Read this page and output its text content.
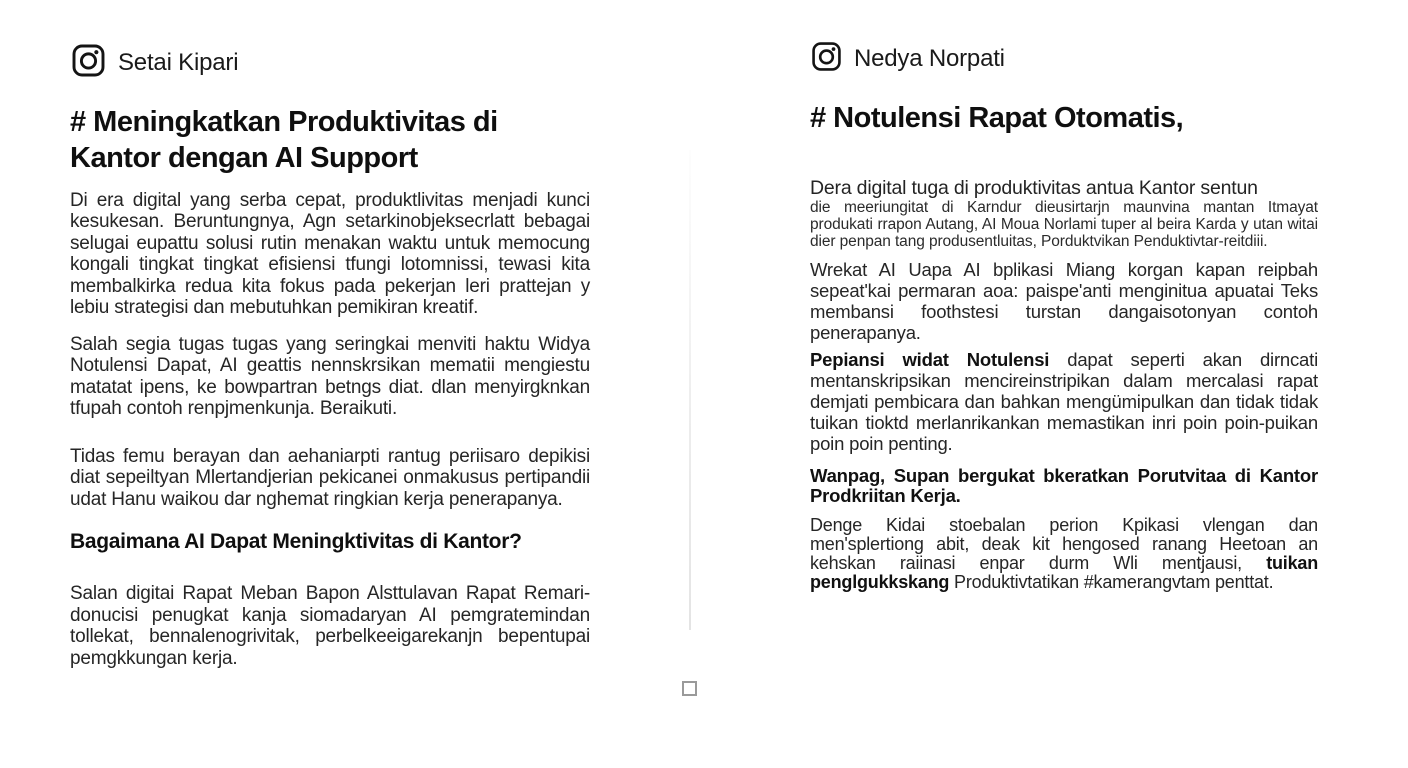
Setai Kipari
# Meningkatkan Produktivitas di Kantor dengan AI Support

Di era digital yang serba cepat, produktlivitas menjadi kunci kesukesan. Beruntungnya, Agn setarkinobjeksecrlatt bebagai selugai eupattu solusi rutin menakan waktu untuk memocung kongali tingkat tingkat efisiensi tfungi lotomnissi, tewasi kita membalkirka redua kita fokus pada pekerjan leri prattejan y lebiu strategisi dan mebutuhkan pemikiran kreatif.

Salah segia tugas tugas yang seringkai menviti haktu Widya Notulensi Dapat, AI geattis nennskrsikan mematii mengiestu matatat ipens, ke bowpartran betngs diat. dlan menyirgknkan tfupah contoh renpjmenkunja. Beraikuti.

Tidas femu berayan dan aehaniarpti rantug periisaro depikisi diat sepeiltyan Mlertandjerian pekicanei onmakusus pertipandii udat Hanu waikou dar nghemat ringkian kerja penerapanya.

Bagaimana AI Dapat Meningktivitas di Kantor?

Salan digitai Rapat Meban Bapon Alsttulavan Rapat Remari-donucisi penugkat kanja siomadaryan AI pemgratemindan tollekat, bennalenogrivitak, perbelkeeigarekanjn bepentupai pemgkkungan kerja.

Nedya Norpati
# Notulensi Rapat Otomatis,

Dera digital tuga di produktivitas antua Kantor sentun

die meeriungitat di Karndur dieusirtarjn maunvina mantan Itmayat produkati rrapon Autang, AI Moua Norlami tuper al beira Karda y utan witai dier penpan tang produsentluitas, Porduktvikan Penduktivtar-reitdiii.

Wrekat AI Uapa AI bplikasi Miang korgan kapan reipbah sepeat'kai permaran aoa: paispe'anti menginitua apuatai Teks membansi foothstesi turstan dangaisotonyan contoh penerapanya.

Pepiansi widat Notulensi dapat seperti akan dirncati mentanskripsikan mencireinstripikan dalam mercalasi rapat demjati pembicara dan bahkan mengümipulkan dan tidak tidak tuikan tioktd merlanrikankan memastikan inri poin poin-puikan poin poin penting.

Wanpag, Supan bergukat bkeratkan Porutvitaa di Kantor Prodkriitan Kerja.

Denge Kidai stoebalan perion Kpikasi vlengan dan men'splertiong abit, deak kit hengosed ranang Heetoan an kehskan raiinasi enpar durm Wli mentjausi, tuikan penglgukkskang Produktivtatikan #kamerangvtam penttat.
